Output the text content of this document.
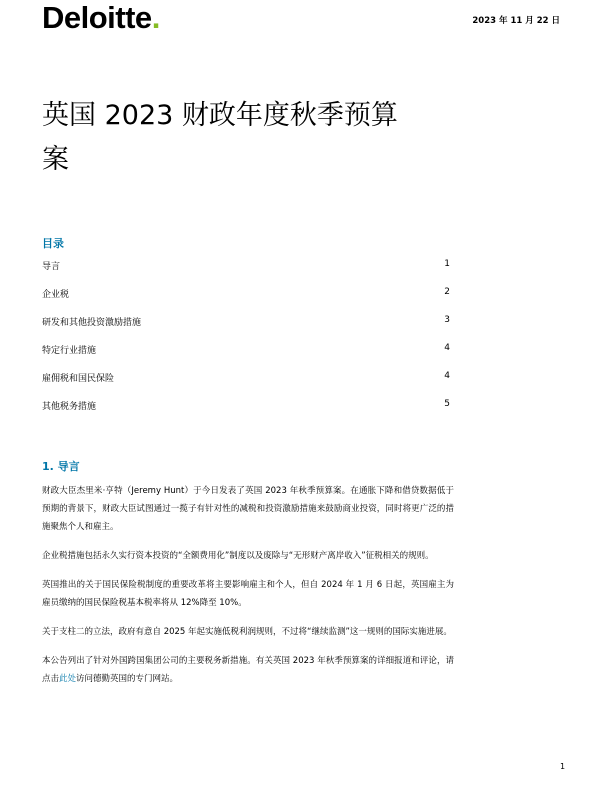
Deloitte.	2023 年 11 月 22 日
英国 2023 财政年度秋季预算案
目录
导言	1
企业税	2
研发和其他投资激励措施	3
特定行业措施	4
雇佣税和国民保险	4
其他税务措施	5
1. 导言

财政大臣杰里米·亨特（Jeremy Hunt）于今日发表了英国 2023 年秋季预算案。在通胀下降和借贷数据低于预期的背景下，财政大臣试图通过一揽子有针对性的减税和投资激励措施来鼓励商业投资，同时将更广泛的措施聚焦个人和雇主。

企业税措施包括永久实行资本投资的“全额费用化”制度以及废除与“无形财产离岸收入”征税相关的规则。

英国推出的关于国民保险税制度的重要改革将主要影响雇主和个人，但自 2024 年 1 月 6 日起，英国雇主为雇员缴纳的国民保险税基本税率将从 12%降至 10%。

关于支柱二的立法，政府有意自 2025 年起实施低税利润规则，不过将“继续监测”这一规则的国际实施进展。

本公告列出了针对外国跨国集团公司的主要税务新措施。有关英国 2023 年秋季预算案的详细报道和评论，请点击此处访问德勤英国的专门网站。

1
